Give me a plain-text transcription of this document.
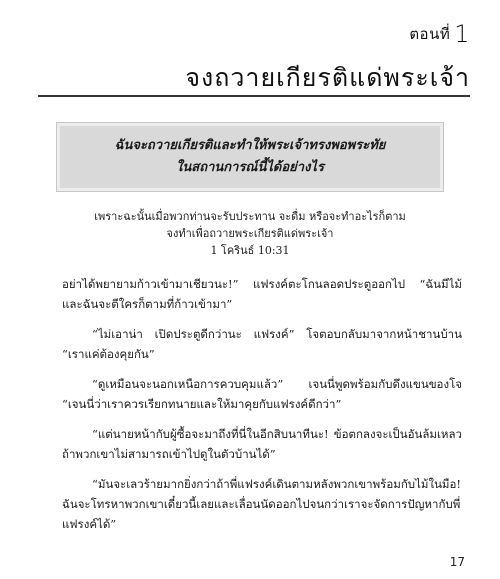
ตอนที่ 1
จงถวายเกียรติแด่พระเจ้า
ฉันจะถวายเกียรติและทำให้พระเจ้าทรงพอพระทัย
ในสถานการณ์นี้ได้อย่างไร
เพราะฉะนั้นเมื่อพวกท่านจะรับประทาน จะดื่ม หรือจะทำอะไรก็ตาม
จงทำเพื่อถวายพระเกียรติแด่พระเจ้า
1 โครินธ์ 10:31

อย่าได้พยายามก้าวเข้ามาเชียวนะ!” แฟรงค์ตะโกนลอดประตูออกไป “ฉันมีไม้ และฉันจะตีใครก็ตามที่ก้าวเข้ามา”

“ไม่เอาน่า เปิดประตูดีกว่านะ แฟรงค์” โจตอบกลับมาจากหน้าชานบ้าน “เราแค่ต้องคุยกัน”

“ดูเหมือนจะนอกเหนือการควบคุมแล้ว” เจนนี่พูดพร้อมกับดึงแขนของโจ “เจนนี่ว่าเราควรเรียกทนายและให้มาคุยกับแฟรงค์ดีกว่า”

“แต่นายหน้ากับผู้ซื้อจะมาถึงที่นี่ในอีกสิบนาทีนะ! ข้อตกลงจะเป็นอันล้มเหลวถ้าพวกเขาไม่สามารถเข้าไปดูในตัวบ้านได้”

“มันจะเลวร้ายมากยิ่งกว่าถ้าพี่แฟรงค์เดินตามหลังพวกเขาพร้อมกับไม้ในมือ! ฉันจะโทรหาพวกเขาเดี๋ยวนี้เลยและเลื่อนนัดออกไปจนกว่าเราจะจัดการปัญหากับพี่แฟรงค์ได้”

17
